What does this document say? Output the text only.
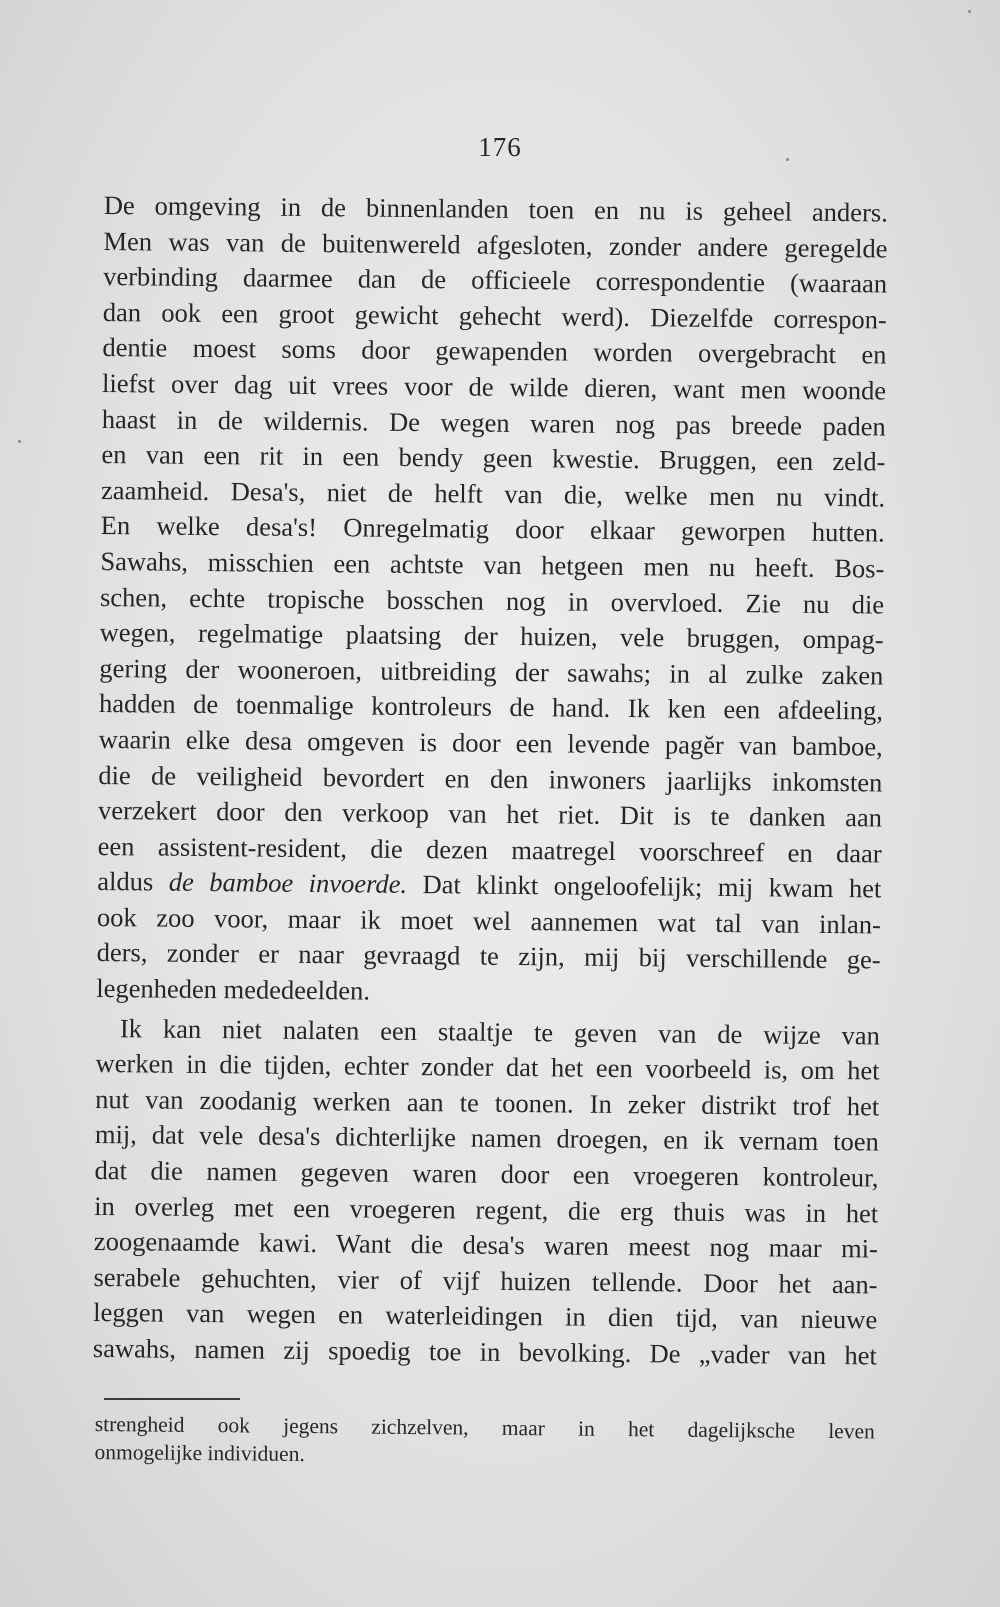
176
De omgeving in de binnenlanden toen en nu is geheel anders.
Men was van de buitenwereld afgesloten, zonder andere geregelde
verbinding daarmee dan de officieele correspondentie (waaraan
dan ook een groot gewicht gehecht werd). Diezelfde correspon-
dentie moest soms door gewapenden worden overgebracht en
liefst over dag uit vrees voor de wilde dieren, want men woonde
haast in de wildernis. De wegen waren nog pas breede paden
en van een rit in een bendy geen kwestie. Bruggen, een zeld-
zaamheid. Desa's, niet de helft van die, welke men nu vindt.
En welke desa's! Onregelmatig door elkaar geworpen hutten.
Sawahs, misschien een achtste van hetgeen men nu heeft. Bos-
schen, echte tropische bosschen nog in overvloed. Zie nu die
wegen, regelmatige plaatsing der huizen, vele bruggen, ompag-
gering der wooneroen, uitbreiding der sawahs; in al zulke zaken
hadden de toenmalige kontroleurs de hand. Ik ken een afdeeling,
waarin elke desa omgeven is door een levende pagĕr van bamboe,
die de veiligheid bevordert en den inwoners jaarlijks inkomsten
verzekert door den verkoop van het riet. Dit is te danken aan
een assistent-resident, die dezen maatregel voorschreef en daar
aldus de bamboe invoerde. Dat klinkt ongeloofelijk; mij kwam het
ook zoo voor, maar ik moet wel aannemen wat tal van inlan-
ders, zonder er naar gevraagd te zijn, mij bij verschillende ge-
legenheden mededeelden.
Ik kan niet nalaten een staaltje te geven van de wijze van
werken in die tijden, echter zonder dat het een voorbeeld is, om het
nut van zoodanig werken aan te toonen. In zeker distrikt trof het
mij, dat vele desa's dichterlijke namen droegen, en ik vernam toen
dat die namen gegeven waren door een vroegeren kontroleur,
in overleg met een vroegeren regent, die erg thuis was in het
zoogenaamde kawi. Want die desa's waren meest nog maar mi-
serabele gehuchten, vier of vijf huizen tellende. Door het aan-
leggen van wegen en waterleidingen in dien tijd, van nieuwe
sawahs, namen zij spoedig toe in bevolking. De „vader van het
strengheid ook jegens zichzelven, maar in het dagelijksche leven
onmogelijke individuen.
